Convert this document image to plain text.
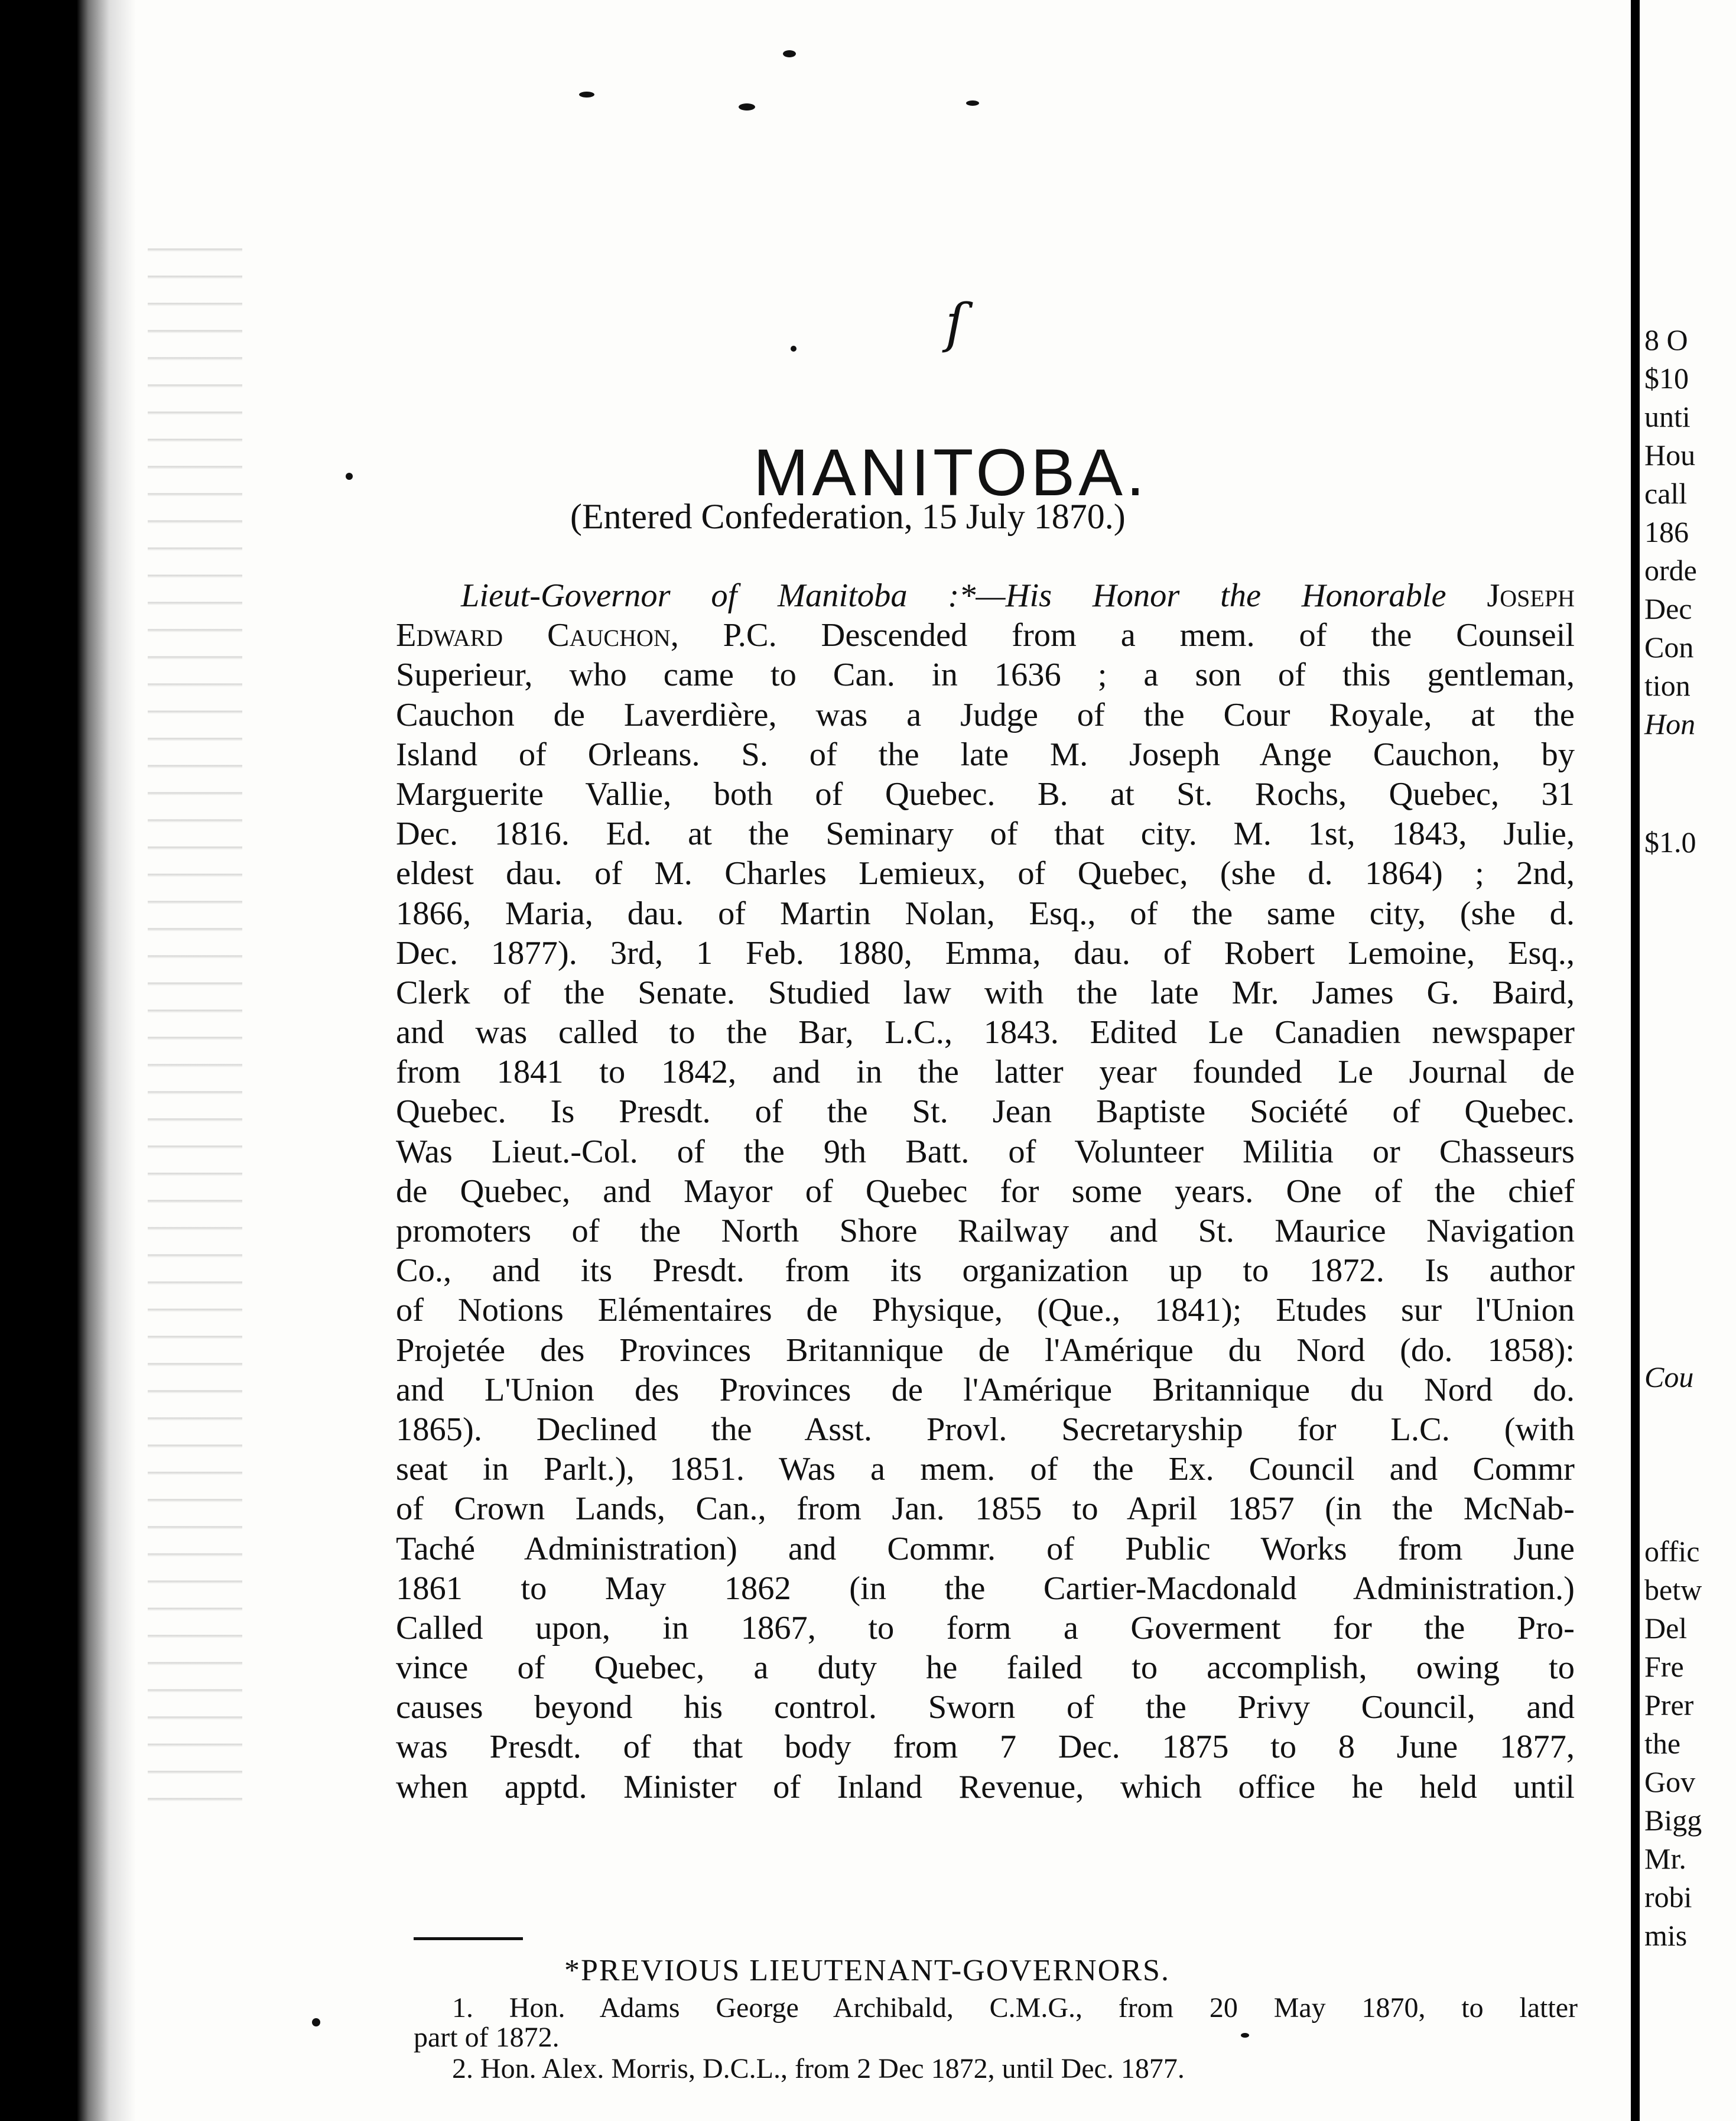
ſ
MANITOBA.
(Entered Confederation, 15 July 1870.)
Lieut-Governor of Manitoba :*—His Honor the Honorable Joseph
Edward Cauchon, P.C. Descended from a mem. of the Counseil
Superieur, who came to Can. in 1636 ; a son of this gentleman,
Cauchon de Laverdière, was a Judge of the Cour Royale, at the
Island of Orleans. S. of the late M. Joseph Ange Cauchon, by
Marguerite Vallie, both of Quebec. B. at St. Rochs, Quebec, 31
Dec. 1816. Ed. at the Seminary of that city. M. 1st, 1843, Julie,
eldest dau. of M. Charles Lemieux, of Quebec, (she d. 1864) ; 2nd,
1866, Maria, dau. of Martin Nolan, Esq., of the same city, (she d.
Dec. 1877). 3rd, 1 Feb. 1880, Emma, dau. of Robert Lemoine, Esq.,
Clerk of the Senate. Studied law with the late Mr. James G. Baird,
and was called to the Bar, L.C., 1843. Edited Le Canadien newspaper
from 1841 to 1842, and in the latter year founded Le Journal de
Quebec. Is Presdt. of the St. Jean Baptiste Société of Quebec.
Was Lieut.-Col. of the 9th Batt. of Volunteer Militia or Chasseurs
de Quebec, and Mayor of Quebec for some years. One of the chief
promoters of the North Shore Railway and St. Maurice Navigation
Co., and its Presdt. from its organization up to 1872. Is author
of Notions Elémentaires de Physique, (Que., 1841); Etudes sur l'Union
Projetée des Provinces Britannique de l'Amérique du Nord (do. 1858):
and L'Union des Provinces de l'Amérique Britannique du Nord do.
1865). Declined the Asst. Provl. Secretaryship for L.C. (with
seat in Parlt.), 1851. Was a mem. of the Ex. Council and Commr
of Crown Lands, Can., from Jan. 1855 to April 1857 (in the McNab-
Taché Administration) and Commr. of Public Works from June
1861 to May 1862 (in the Cartier-Macdonald Administration.)
Called upon, in 1867, to form a Goverment for the Pro-
vince of Quebec, a duty he failed to accomplish, owing to
causes beyond his control. Sworn of the Privy Council, and
was Presdt. of that body from 7 Dec. 1875 to 8 June 1877,
when apptd. Minister of Inland Revenue, which office he held until
*PREVIOUS LIEUTENANT-GOVERNORS.
1. Hon. Adams George Archibald, C.M.G., from 20 May 1870, to latter
part of 1872.
2. Hon. Alex. Morris, D.C.L., from 2 Dec 1872, until Dec. 1877.
8 O
$10
unti
Hou
call
186
orde
Dec
Con
tion
Hon
$1.0
Cou
offic
betw
Del
Fre
Prer
the
Gov
Bigg
Mr.
robi
mis
